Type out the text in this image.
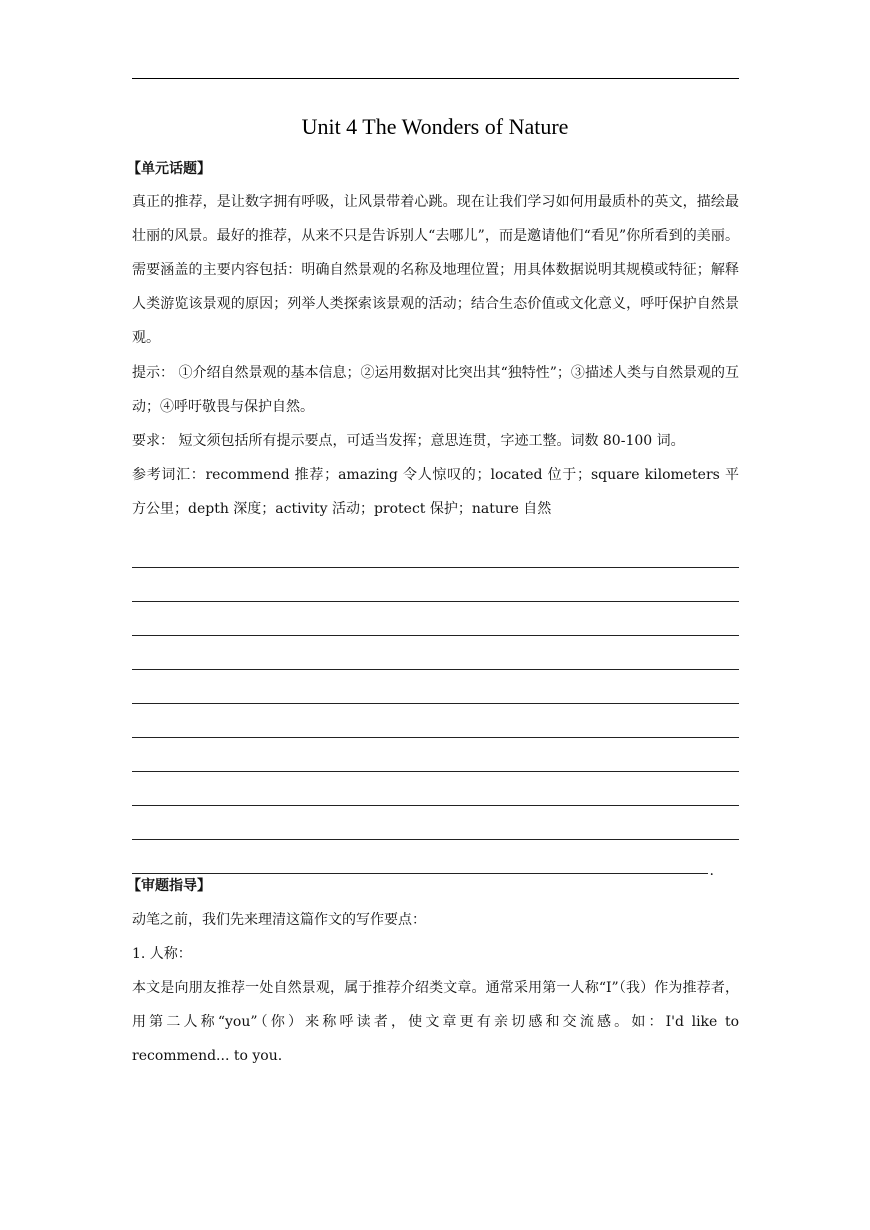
Unit 4 The Wonders of Nature

【单元话题】

真正的推荐，是让数字拥有呼吸，让风景带着心跳。现在让我们学习如何用最质朴的英文，描绘最壮丽的风景。最好的推荐，从来不只是告诉别人“去哪儿”，而是邀请他们“看见”你所看到的美丽。需要涵盖的主要内容包括：明确自然景观的名称及地理位置；用具体数据说明其规模或特征；解释人类游览该景观的原因；列举人类探索该景观的活动；结合生态价值或文化意义，呼吁保护自然景观。

提示： ①介绍自然景观的基本信息；②运用数据对比突出其“独特性”；③描述人类与自然景观的互动；④呼吁敬畏与保护自然。

要求： 短文须包括所有提示要点，可适当发挥；意思连贯，字迹工整。词数 80-100 词。

参考词汇：recommend 推荐；amazing 令人惊叹的；located 位于；square kilometers 平方公里；depth 深度；activity 活动；protect 保护；nature 自然

.

【审题指导】

动笔之前，我们先来理清这篇作文的写作要点：

1. 人称：

本文是向朋友推荐一处自然景观，属于推荐介绍类文章。通常采用第一人称“I”（我）作为推荐者，用第二人称“you”（你）来称呼读者，使文章更有亲切感和交流感。如：I'd like to recommend... to you.
